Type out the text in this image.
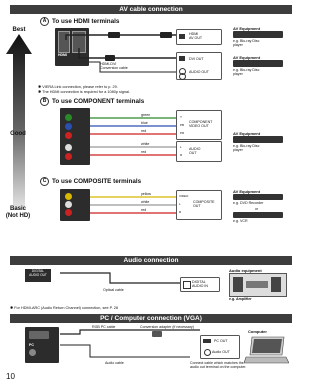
AV cable connection
Best
Good
Basic
(Not HD)
A To use HDMI terminals
HDMI
HDMI-DVI
Conversion cable
HDMI
AV OUT
AV Equipment
e.g. Blu-ray Disc
player
DVI OUT
AUDIO OUT
AV Equipment
e.g. Blu-ray Disc
player
✱ VIERA Link connection, please refer to p. 29.
✱ The HDMI connection is required for a 1080p signal.
B To use COMPONENT terminals
green
blue
red
white
red
Y
PB
PR
COMPONENT
VIDEO OUT
L
R
AUDIO
OUT
AV Equipment
e.g. Blu-ray Disc
player
C To use COMPOSITE terminals
yellow
white
red
VIDEO
L
R
COMPOSITE
OUT
AV Equipment
e.g. DVD Recorder
or
e.g. VCR
Audio connection
DIGITAL
AUDIO OUT
Optical cable
DIGITAL
AUDIO IN
Audio equipment
e.g. Amplifier
✱ For HDMI-ARC (Audio Return Channel) connection, see P. 28
PC / Computer connection (VGA)
PC
RGB PC cable	Conversion adapter (if necessary)
PC OUT
Audio OUT
Computer
Audio cable	Connect cable which matches the
audio out terminal on the computer.
10
